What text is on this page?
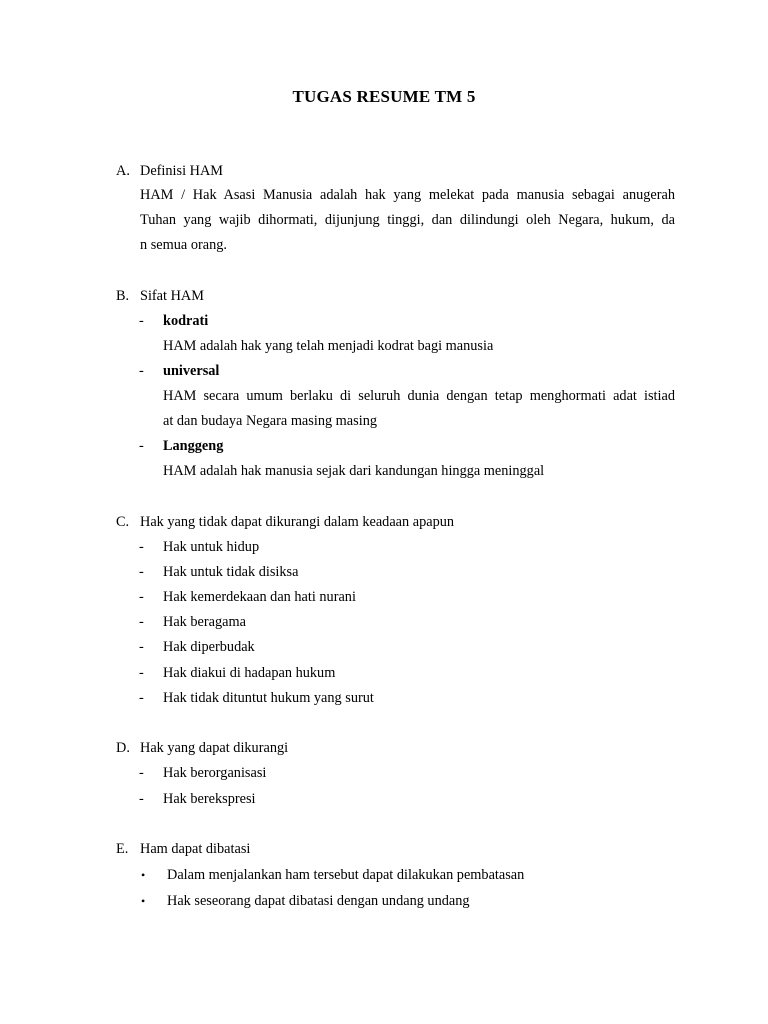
TUGAS RESUME TM 5
A. Definisi HAM
HAM / Hak Asasi Manusia adalah hak yang melekat pada manusia sebagai anugerah
Tuhan yang wajib dihormati, dijunjung tinggi, dan dilindungi oleh Negara, hukum, da
n semua orang.
B. Sifat HAM
- kodrati
HAM adalah hak yang telah menjadi kodrat bagi manusia
- universal
HAM secara umum berlaku di seluruh dunia dengan tetap menghormati adat istiad
at dan budaya Negara masing masing
- Langgeng
HAM adalah hak manusia sejak dari kandungan hingga meninggal
C. Hak yang tidak dapat dikurangi dalam keadaan apapun
- Hak untuk hidup
- Hak untuk tidak disiksa
- Hak kemerdekaan dan hati nurani
- Hak beragama
- Hak diperbudak
- Hak diakui di hadapan hukum
- Hak tidak dituntut hukum yang surut
D. Hak yang dapat dikurangi
- Hak berorganisasi
- Hak berekspresi
E. Ham dapat dibatasi
• Dalam menjalankan ham tersebut dapat dilakukan pembatasan
• Hak seseorang dapat dibatasi dengan undang undang
